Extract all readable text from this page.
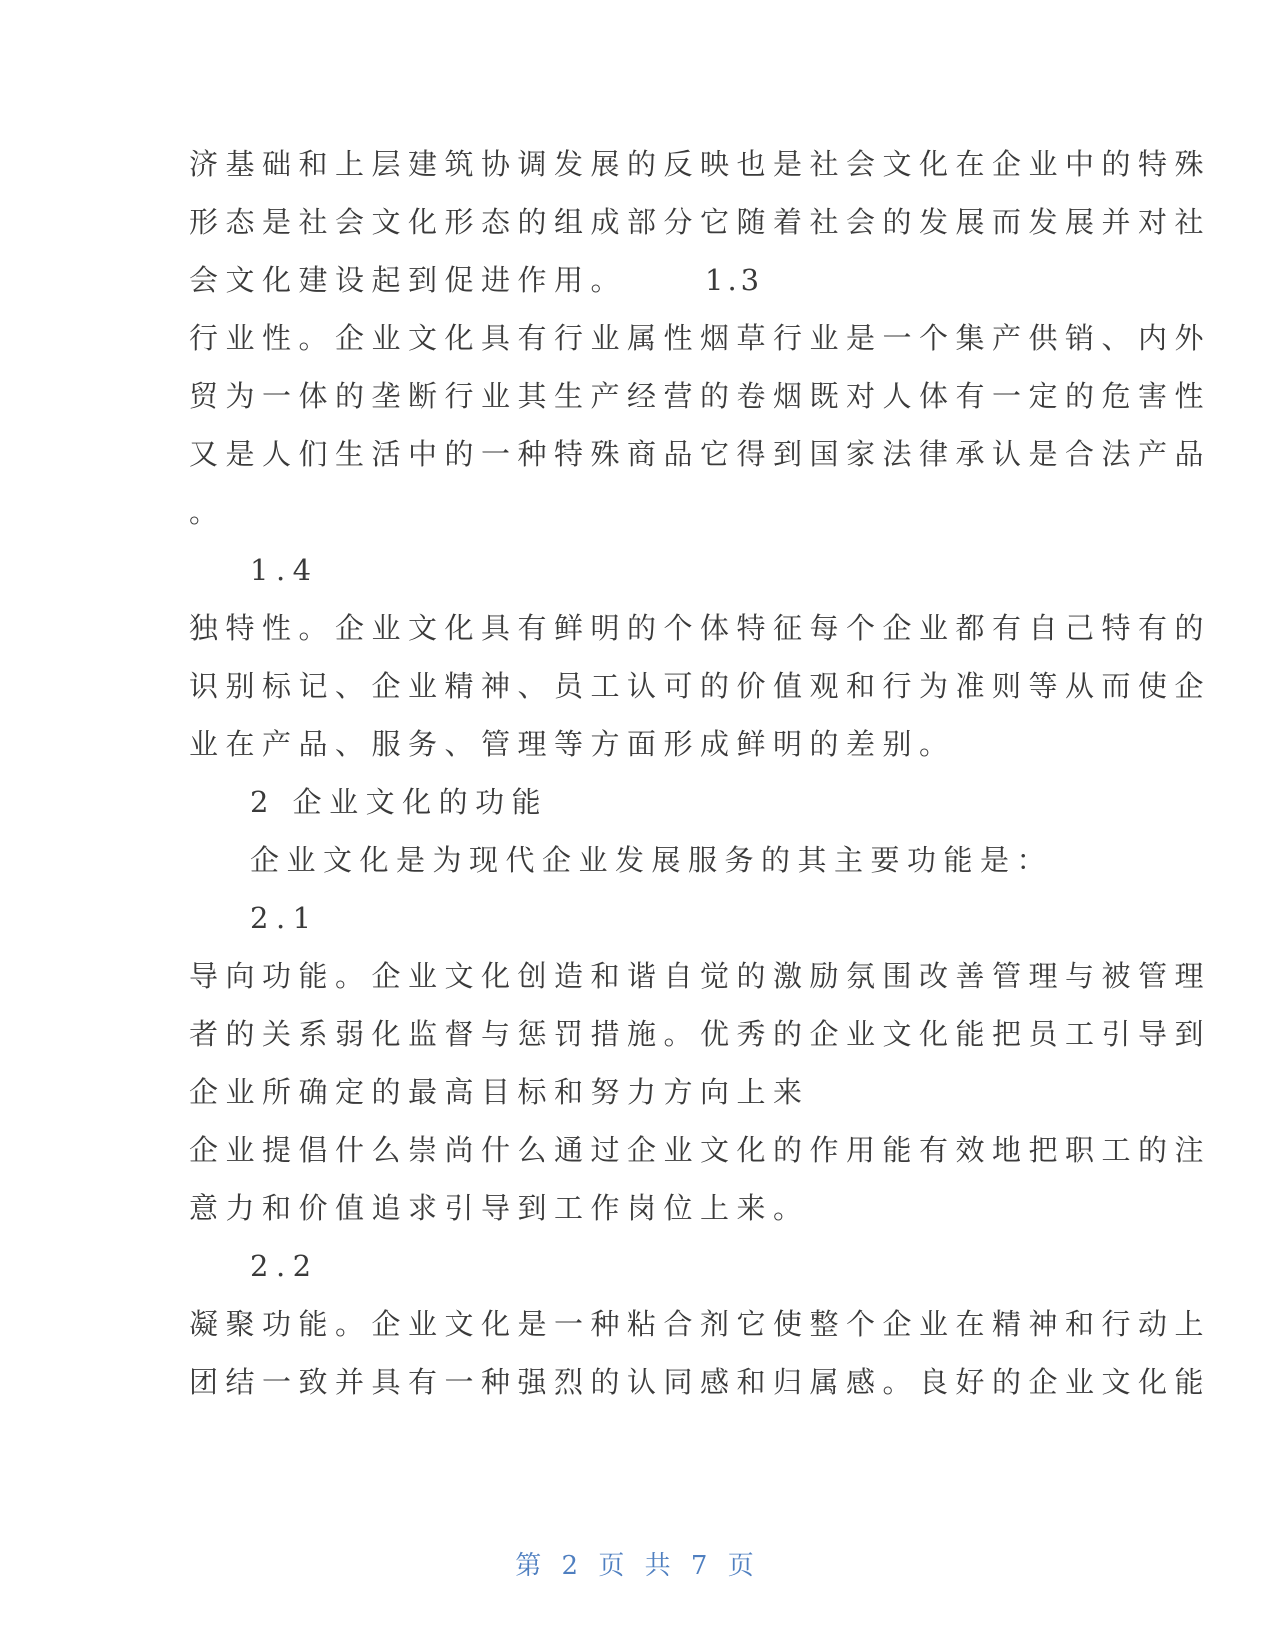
济基础和上层建筑协调发展的反映也是社会文化在企业中的特殊

形态是社会文化形态的组成部分它随着社会的发展而发展并对社

会文化建设起到促进作用。	1.3

行业性。企业文化具有行业属性烟草行业是一个集产供销、内外

贸为一体的垄断行业其生产经营的卷烟既对人体有一定的危害性

又是人们生活中的一种特殊商品它得到国家法律承认是合法产品

。

1.4

独特性。企业文化具有鲜明的个体特征每个企业都有自己特有的

识别标记、企业精神、员工认可的价值观和行为准则等从而使企

业在产品、服务、管理等方面形成鲜明的差别。

2 企业文化的功能

企业文化是为现代企业发展服务的其主要功能是：

2.1

导向功能。企业文化创造和谐自觉的激励氛围改善管理与被管理

者的关系弱化监督与惩罚措施。优秀的企业文化能把员工引导到

企业所确定的最高目标和努力方向上来

企业提倡什么崇尚什么通过企业文化的作用能有效地把职工的注

意力和价值追求引导到工作岗位上来。

2.2

凝聚功能。企业文化是一种粘合剂它使整个企业在精神和行动上

团结一致并具有一种强烈的认同感和归属感。良好的企业文化能

第 2 页 共 7 页
